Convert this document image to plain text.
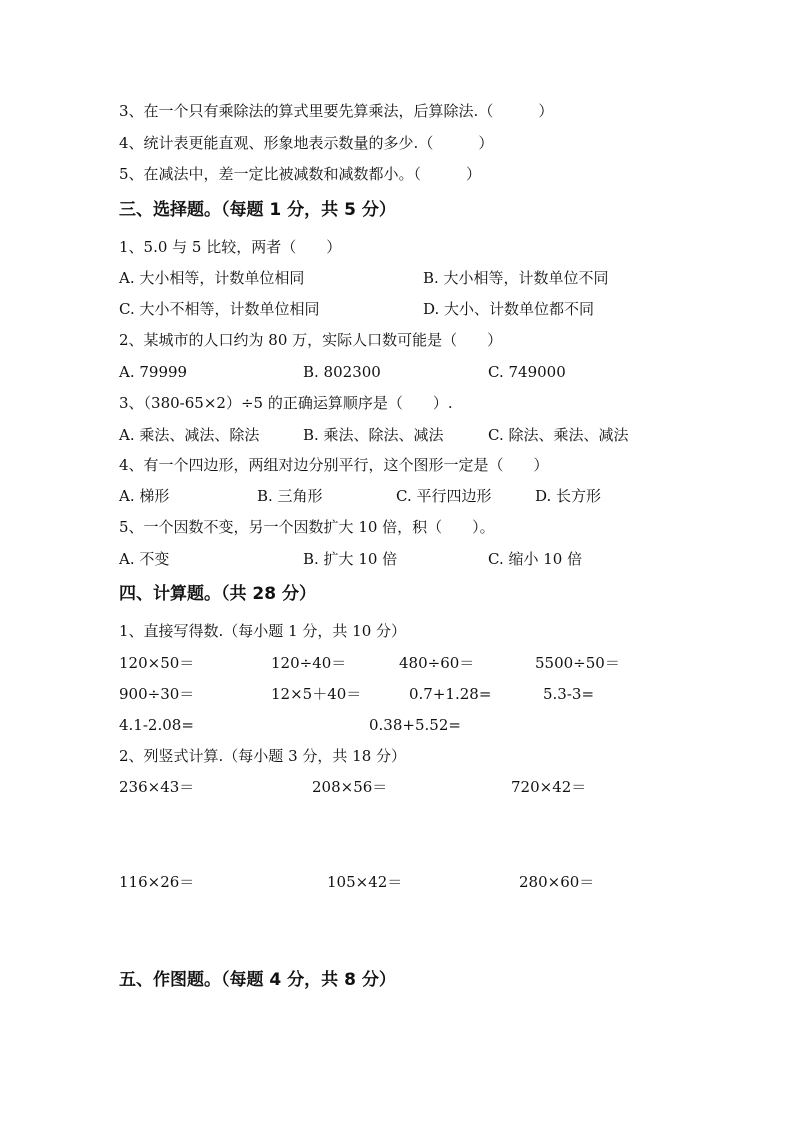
3、在一个只有乘除法的算式里要先算乘法，后算除法.（　　　）
4、统计表更能直观、形象地表示数量的多少.（　　　）
5、在减法中，差一定比被减数和减数都小。（　　　）
三、选择题。（每题 1 分，共 5 分）
1、5.0 与 5 比较，两者（　　）
A. 大小相等，计数单位相同	B. 大小相等，计数单位不同
C. 大小不相等，计数单位相同	D. 大小、计数单位都不同
2、某城市的人口约为 80 万，实际人口数可能是（　　）
A. 79999	B. 802300	C. 749000
3、（380-65×2）÷5 的正确运算顺序是（　　）.
A. 乘法、减法、除法	B. 乘法、除法、减法	C. 除法、乘法、减法
4、有一个四边形，两组对边分别平行，这个图形一定是（　　）
A. 梯形	B. 三角形	C. 平行四边形	D. 长方形
5、一个因数不变，另一个因数扩大 10 倍，积（　　）。
A. 不变	B. 扩大 10 倍	C. 缩小 10 倍
四、计算题。（共 28 分）
1、直接写得数.（每小题 1 分，共 10 分）
120×50＝	120÷40＝	480÷60＝	5500÷50＝
900÷30＝	12×5＋40＝	0.7+1.28=	5.3-3=
4.1-2.08=	0.38+5.52=
2、列竖式计算.（每小题 3 分，共 18 分）
236×43＝	208×56＝	720×42＝
116×26＝	105×42＝	280×60＝
五、作图题。（每题 4 分，共 8 分）
